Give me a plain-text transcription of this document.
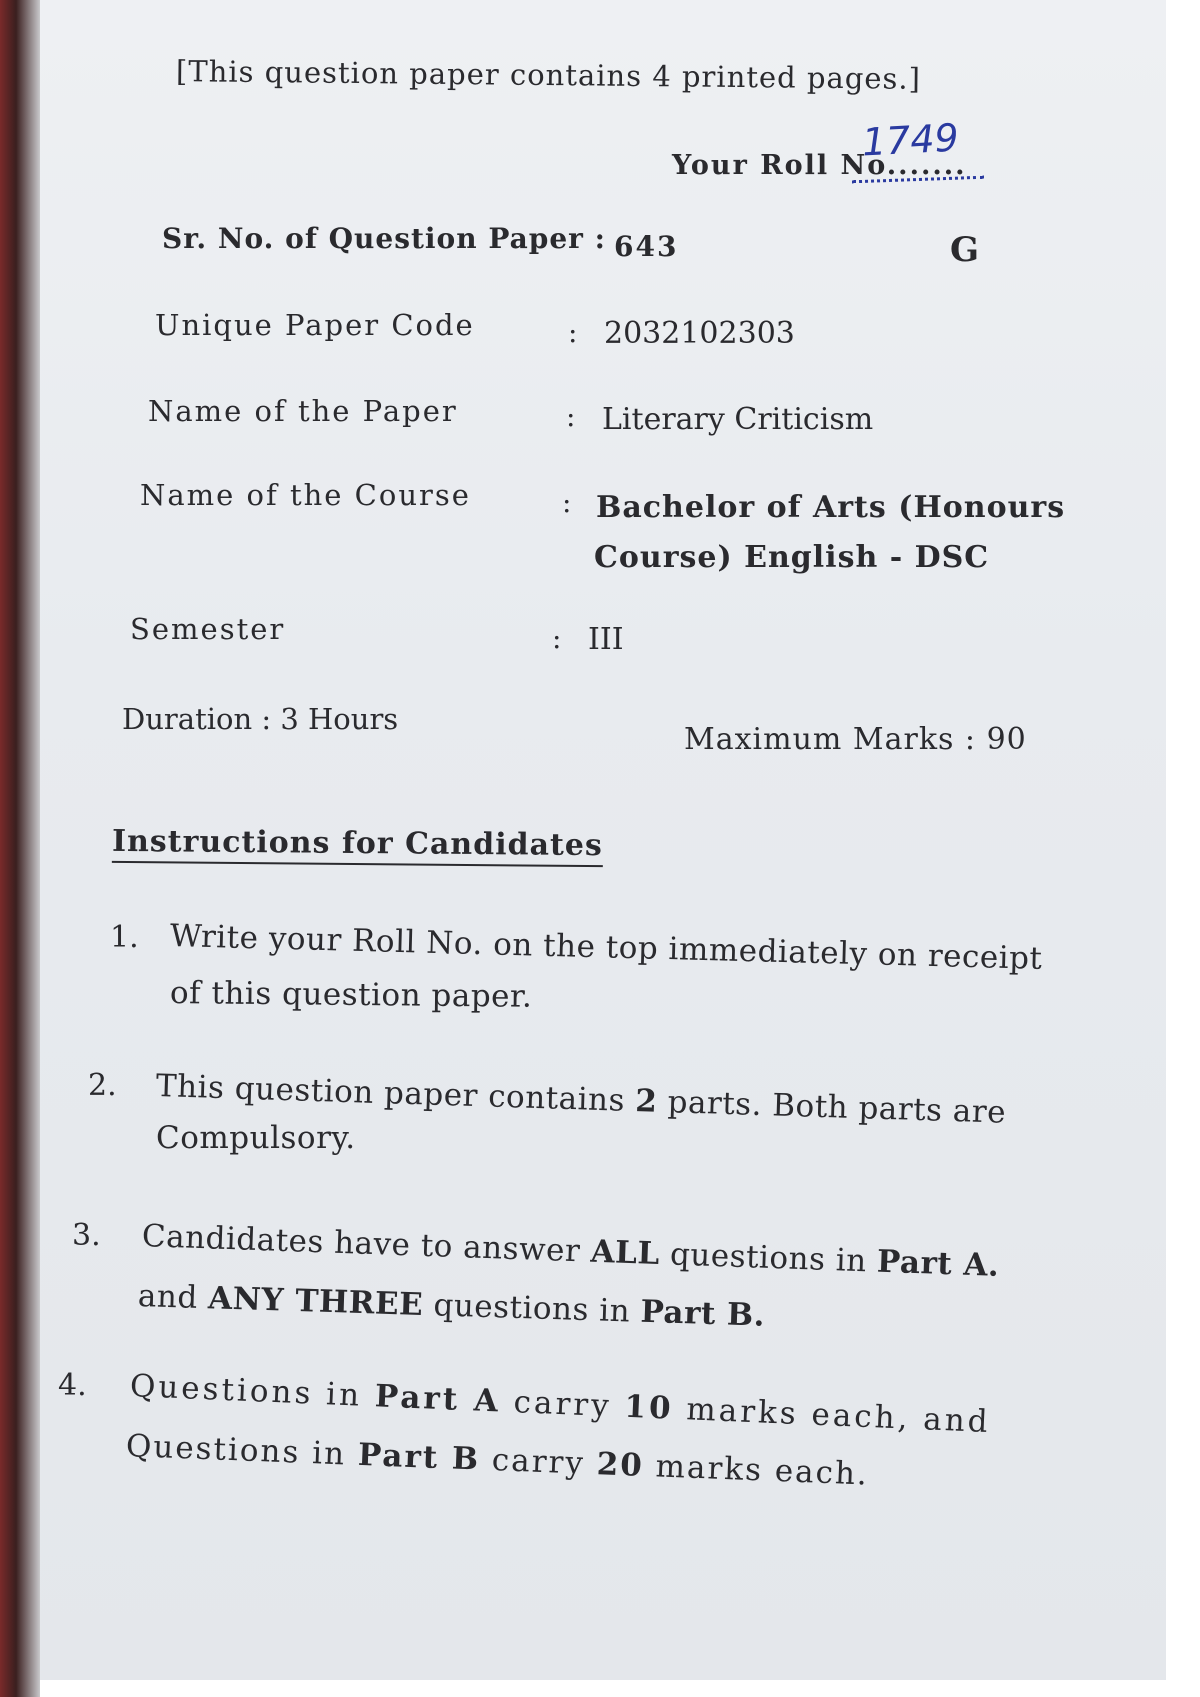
[This question paper contains 4 printed pages.]
Your Roll No.......
1749
Sr. No. of Question Paper : 643	G
Unique Paper Code	: 2032102303
Name of the Paper	: Literary Criticism
Name of the Course	: Bachelor of Arts (Honours
Course) English - DSC
Semester	: III
Duration : 3 Hours
Maximum Marks : 90
Instructions for Candidates
1. Write your Roll No. on the top immediately on receipt
of this question paper.
2. This question paper contains 2 parts. Both parts are
Compulsory.
3. Candidates have to answer ALL questions in Part A.
and ANY THREE questions in Part B.
4. Questions in Part A carry 10 marks each, and
Questions in Part B carry 20 marks each.
